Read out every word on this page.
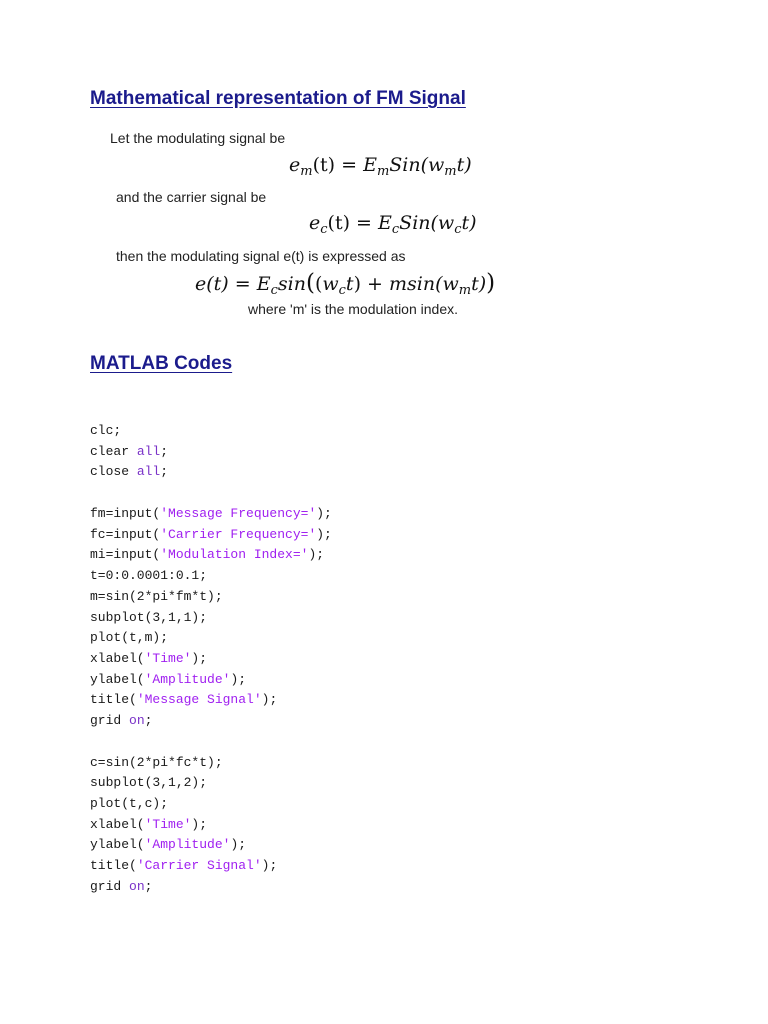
Mathematical representation of FM Signal

Let the modulating signal be

$e_m(t) = E_mSin(w_mt)$

and the carrier signal be

$e_c(t) = E_cSin(w_ct)$

then the modulating signal e(t) is expressed as

$e(t) = E_c\sin((w_ct) + msin(w_mt))$

where 'm' is the modulation index.

MATLAB Codes
clc;
clear all;
close all;
fm=input('Message Frequency=');
fc=input('Carrier Frequency=');
mi=input('Modulation Index=');
t=0:0.0001:0.1;
m=sin(2*pi*fm*t);
subplot(3,1,1);
plot(t,m);
xlabel('Time');
ylabel('Amplitude');
title('Message Signal');
grid on;
c=sin(2*pi*fc*t);
subplot(3,1,2);
plot(t,c);
xlabel('Time');
ylabel('Amplitude');
title('Carrier Signal');
grid on;
